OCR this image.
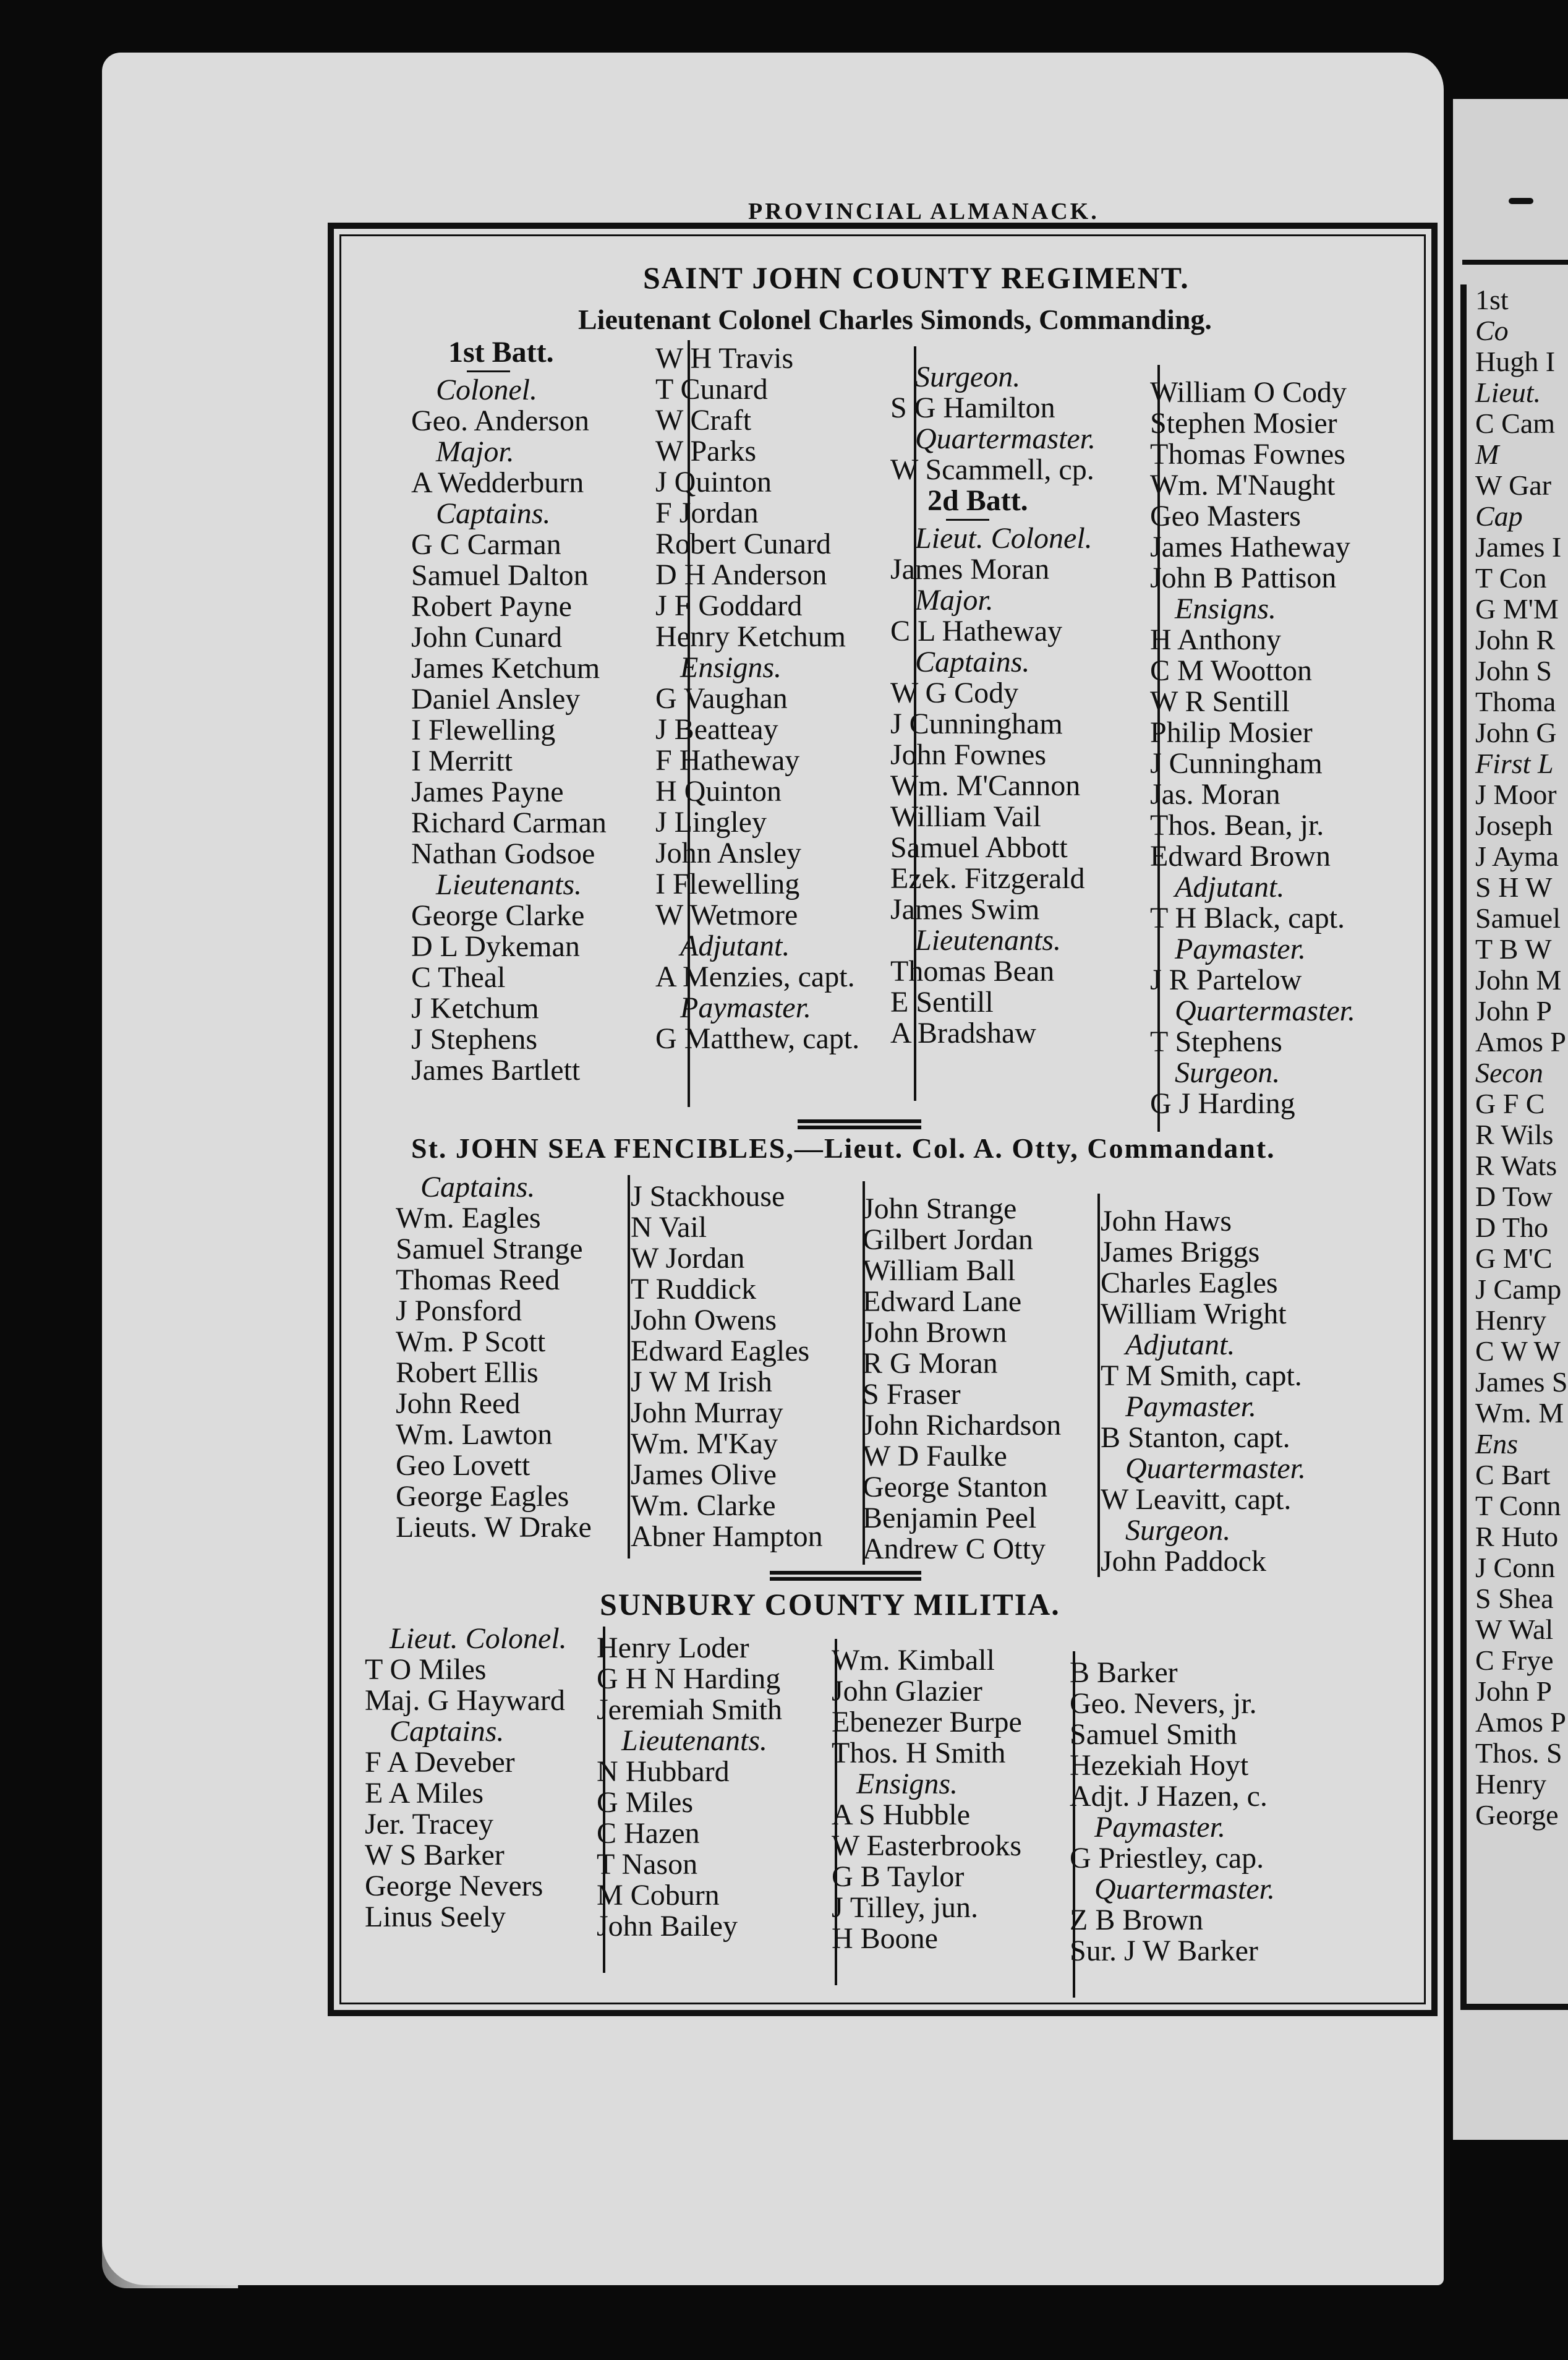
1st
Co
Hugh I
Lieut.
C Cam
M
W Gar
Cap
James I
T Con
G M'M
John R
John S
Thoma
John G
First L
J Moor
Joseph
J Ayma
S H W
Samuel
T B W
John M
John P
Amos P
Secon
G F C
R Wils
R Wats
D Tow
D Tho
G M'C
J Camp
Henry
C W W
James S
Wm. M
Ens
C Bart
T Conn
R Huto
J Conn
S Shea
W Wal
C Frye
John P
Amos P
Thos. S
Henry
George
PROVINCIAL ALMANACK.
SAINT JOHN COUNTY REGIMENT.
Lieutenant Colonel Charles Simonds, Commanding.
1st Batt.
Colonel.
Geo. Anderson
Major.
A Wedderburn
Captains.
G C Carman
Samuel Dalton
Robert Payne
John Cunard
James Ketchum
Daniel Ansley
I Flewelling
I Merritt
James Payne
Richard Carman
Nathan Godsoe
Lieutenants.
George Clarke
D L Dykeman
C Theal
J Ketchum
J Stephens
James Bartlett
W H Travis
T Cunard
W Craft
W Parks
J Quinton
F Jordan
Robert Cunard
D H Anderson
J F Goddard
Henry Ketchum
Ensigns.
G Vaughan
J Beatteay
F Hatheway
H Quinton
J Lingley
John Ansley
I Flewelling
W Wetmore
Adjutant.
A Menzies, capt.
Paymaster.
G Matthew, capt.
Surgeon.
S G Hamilton
Quartermaster.
W Scammell, cp.
2d Batt.
Lieut. Colonel.
James Moran
Major.
C L Hatheway
Captains.
W G Cody
J Cunningham
John Fownes
Wm. M'Cannon
William Vail
Samuel Abbott
Ezek. Fitzgerald
James Swim
Lieutenants.
Thomas Bean
E Sentill
A Bradshaw
William O Cody
Stephen Mosier
Thomas Fownes
Wm. M'Naught
Geo Masters
James Hatheway
John B Pattison
Ensigns.
H Anthony
C M Wootton
W R Sentill
Philip Mosier
J Cunningham
Jas. Moran
Thos. Bean, jr.
Edward Brown
Adjutant.
T H Black, capt.
Paymaster.
J R Partelow
Quartermaster.
T Stephens
Surgeon.
G J Harding
St. JOHN SEA FENCIBLES,—Lieut. Col. A. Otty, Commandant.
Captains.
Wm. Eagles
Samuel Strange
Thomas Reed
J Ponsford
Wm. P Scott
Robert Ellis
John Reed
Wm. Lawton
Geo Lovett
George Eagles
Lieuts. W Drake
J Stackhouse
N Vail
W Jordan
T Ruddick
John Owens
Edward Eagles
J W M Irish
John Murray
Wm. M'Kay
James Olive
Wm. Clarke
Abner Hampton
John Strange
Gilbert Jordan
William Ball
Edward Lane
John Brown
R G Moran
S Fraser
John Richardson
W D Faulke
George Stanton
Benjamin Peel
Andrew C Otty
John Haws
James Briggs
Charles Eagles
William Wright
Adjutant.
T M Smith, capt.
Paymaster.
B Stanton, capt.
Quartermaster.
W Leavitt, capt.
Surgeon.
John Paddock
SUNBURY COUNTY MILITIA.
Lieut. Colonel.
T O Miles
Maj. G Hayward
Captains.
F A Deveber
E A Miles
Jer. Tracey
W S Barker
George Nevers
Linus Seely
Henry Loder
G H N Harding
Jeremiah Smith
Lieutenants.
N Hubbard
G Miles
C Hazen
T Nason
M Coburn
John Bailey
Wm. Kimball
John Glazier
Ebenezer Burpe
Thos. H Smith
Ensigns.
A S Hubble
W Easterbrooks
G B Taylor
J Tilley, jun.
H Boone
B Barker
Geo. Nevers, jr.
Samuel Smith
Hezekiah Hoyt
Adjt. J Hazen, c.
Paymaster.
G Priestley, cap.
Quartermaster.
Z B Brown
Sur. J W Barker
